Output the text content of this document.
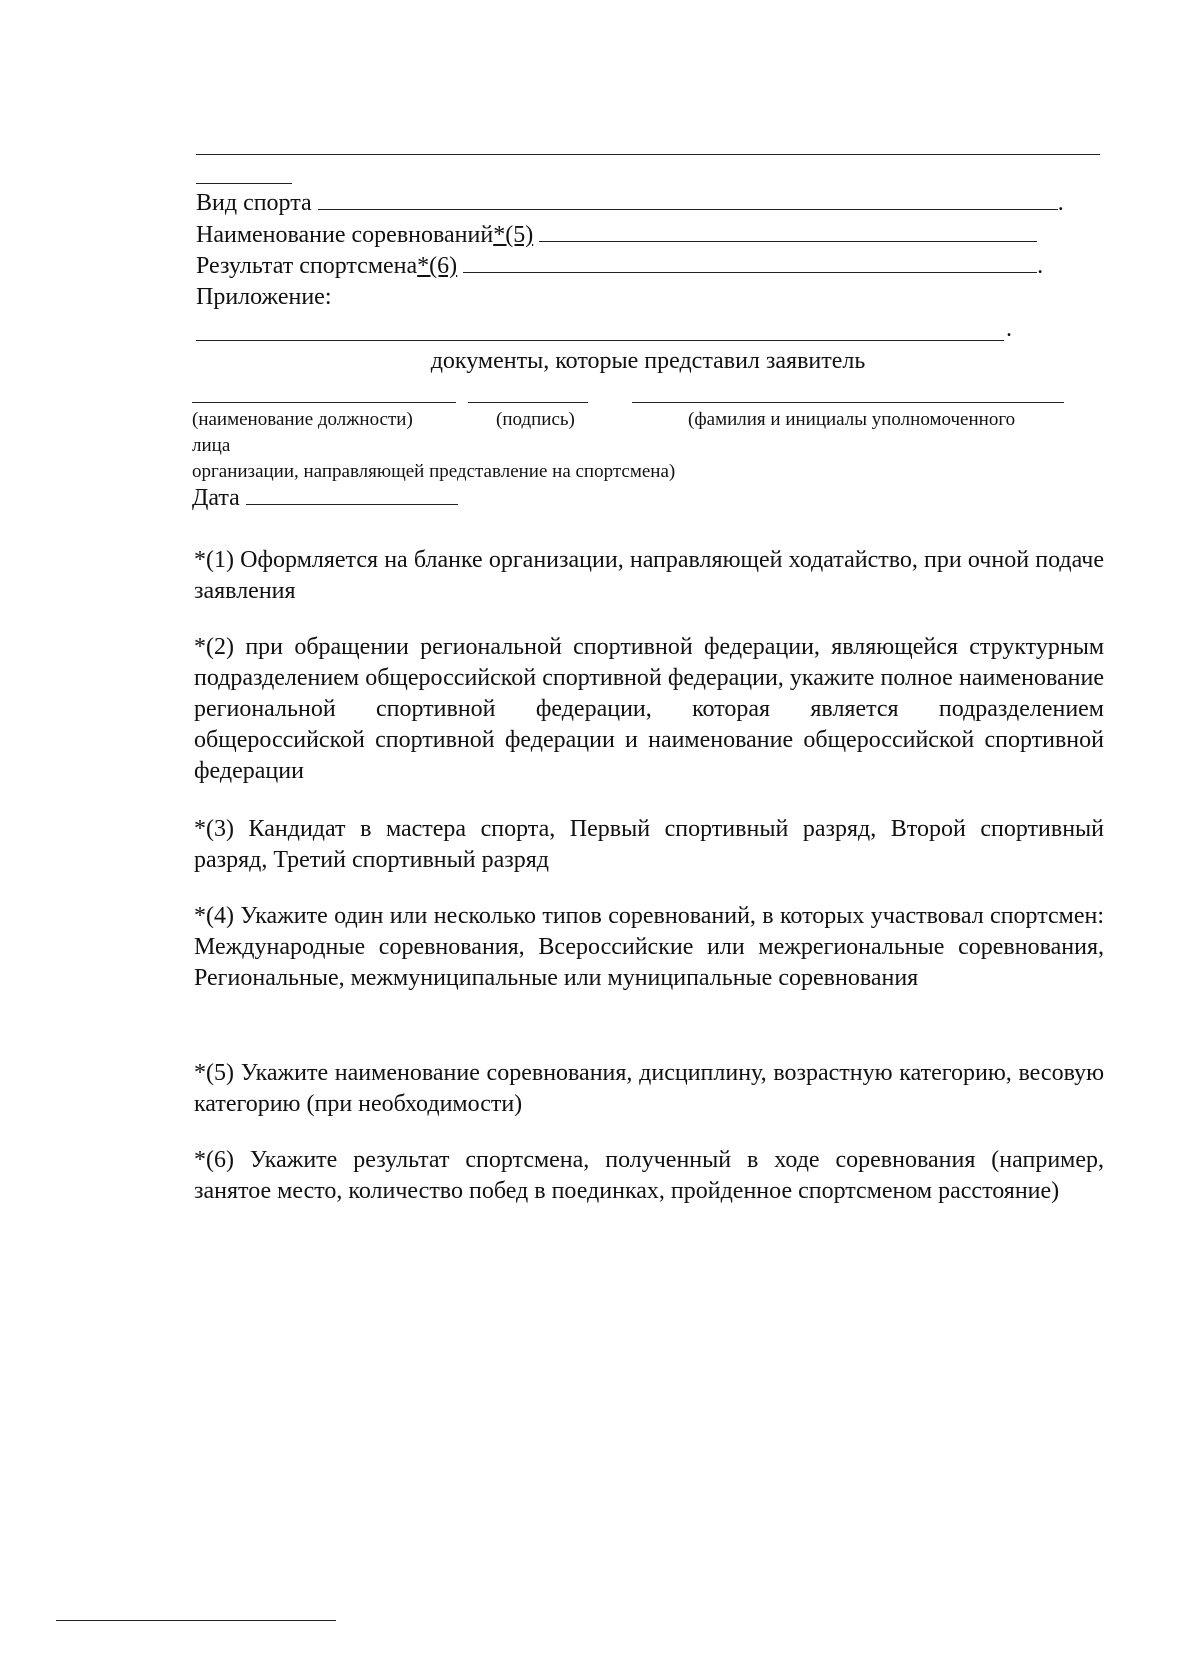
Вид спорта	.
Наименование соревнований*(5)
Результат спортсмена*(6)	.
Приложение:
.
документы, которые представил заявитель
(наименование должности)	(подпись)	(фамилия и инициалы уполномоченного
лица
организации, направляющей представление на спортсмена)
Дата
*(1) Оформляется на бланке организации, направляющей ходатайство, при очной подаче заявления
*(2) при обращении региональной спортивной федерации, являющейся структурным подразделением общероссийской спортивной федерации, укажите полное наименование региональной спортивной федерации, которая является подразделением общероссийской спортивной федерации и наименование общероссийской спортивной федерации
*(3) Кандидат в мастера спорта, Первый спортивный разряд, Второй спортивный разряд, Третий спортивный разряд
*(4) Укажите один или несколько типов соревнований, в которых участвовал спортсмен: Международные соревнования, Всероссийские или межрегиональные соревнования, Региональные, межмуниципальные или муниципальные соревнования
*(5) Укажите наименование соревнования, дисциплину, возрастную категорию, весовую категорию (при необходимости)
*(6) Укажите результат спортсмена, полученный в ходе соревнования (например, занятое место, количество побед в поединках, пройденное спортсменом расстояние)
